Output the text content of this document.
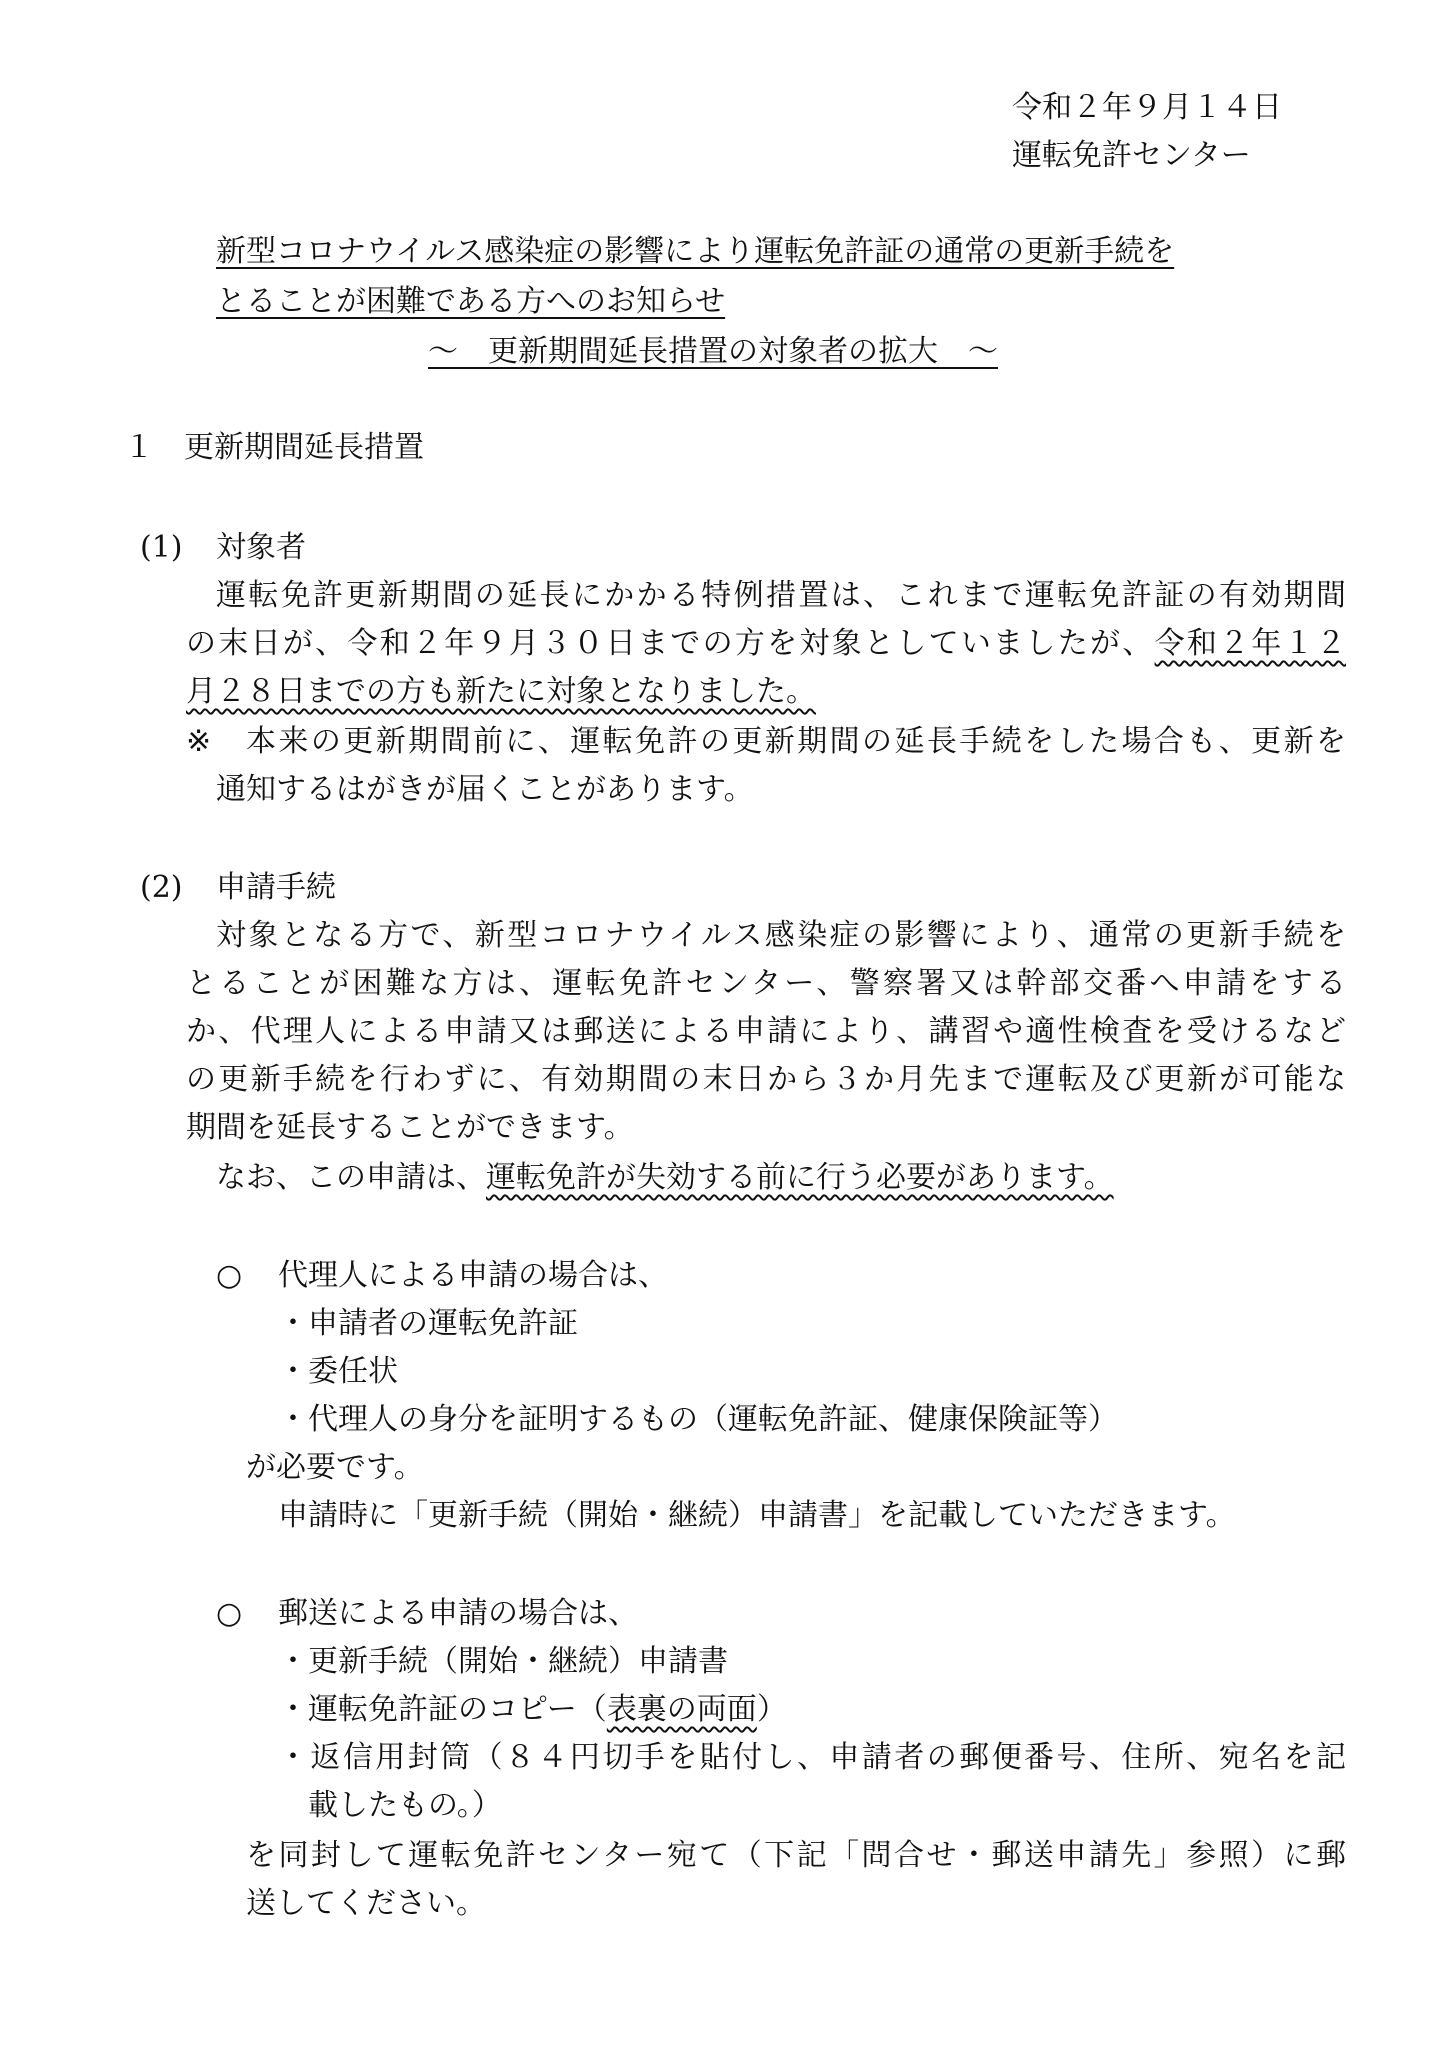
令和２年９月１４日

運転免許センター

新型コロナウイルス感染症の影響により運転免許証の通常の更新手続を

とることが困難である方へのお知らせ

～　更新期間延長措置の対象者の拡大　～

１ 更新期間延長措置

(1) 対象者

運転免許更新期間の延長にかかる特例措置は、これまで運転免許証の有効期間

の末日が、令和２年９月３０日までの方を対象としていましたが、令和２年１２

月２８日までの方も新たに対象となりました。

※ 本来の更新期間前に、運転免許の更新期間の延長手続をした場合も、更新を

通知するはがきが届くことがあります。

(2) 申請手続

対象となる方で、新型コロナウイルス感染症の影響により、通常の更新手続を

とることが困難な方は、運転免許センター、警察署又は幹部交番へ申請をする

か、代理人による申請又は郵送による申請により、講習や適性検査を受けるなど

の更新手続を行わずに、有効期間の末日から３か月先まで運転及び更新が可能な

期間を延長することができます。

なお、この申請は、運転免許が失効する前に行う必要があります。

○ 代理人による申請の場合は、

・申請者の運転免許証

・委任状

・代理人の身分を証明するもの（運転免許証、健康保険証等）

が必要です。

申請時に「更新手続（開始・継続）申請書」を記載していただきます。

○ 郵送による申請の場合は、

・更新手続（開始・継続）申請書

・運転免許証のコピー（表裏の両面）

・返信用封筒（８４円切手を貼付し、申請者の郵便番号、住所、宛名を記

載したもの。）

を同封して運転免許センター宛て（下記「問合せ・郵送申請先」参照）に郵

送してください。
